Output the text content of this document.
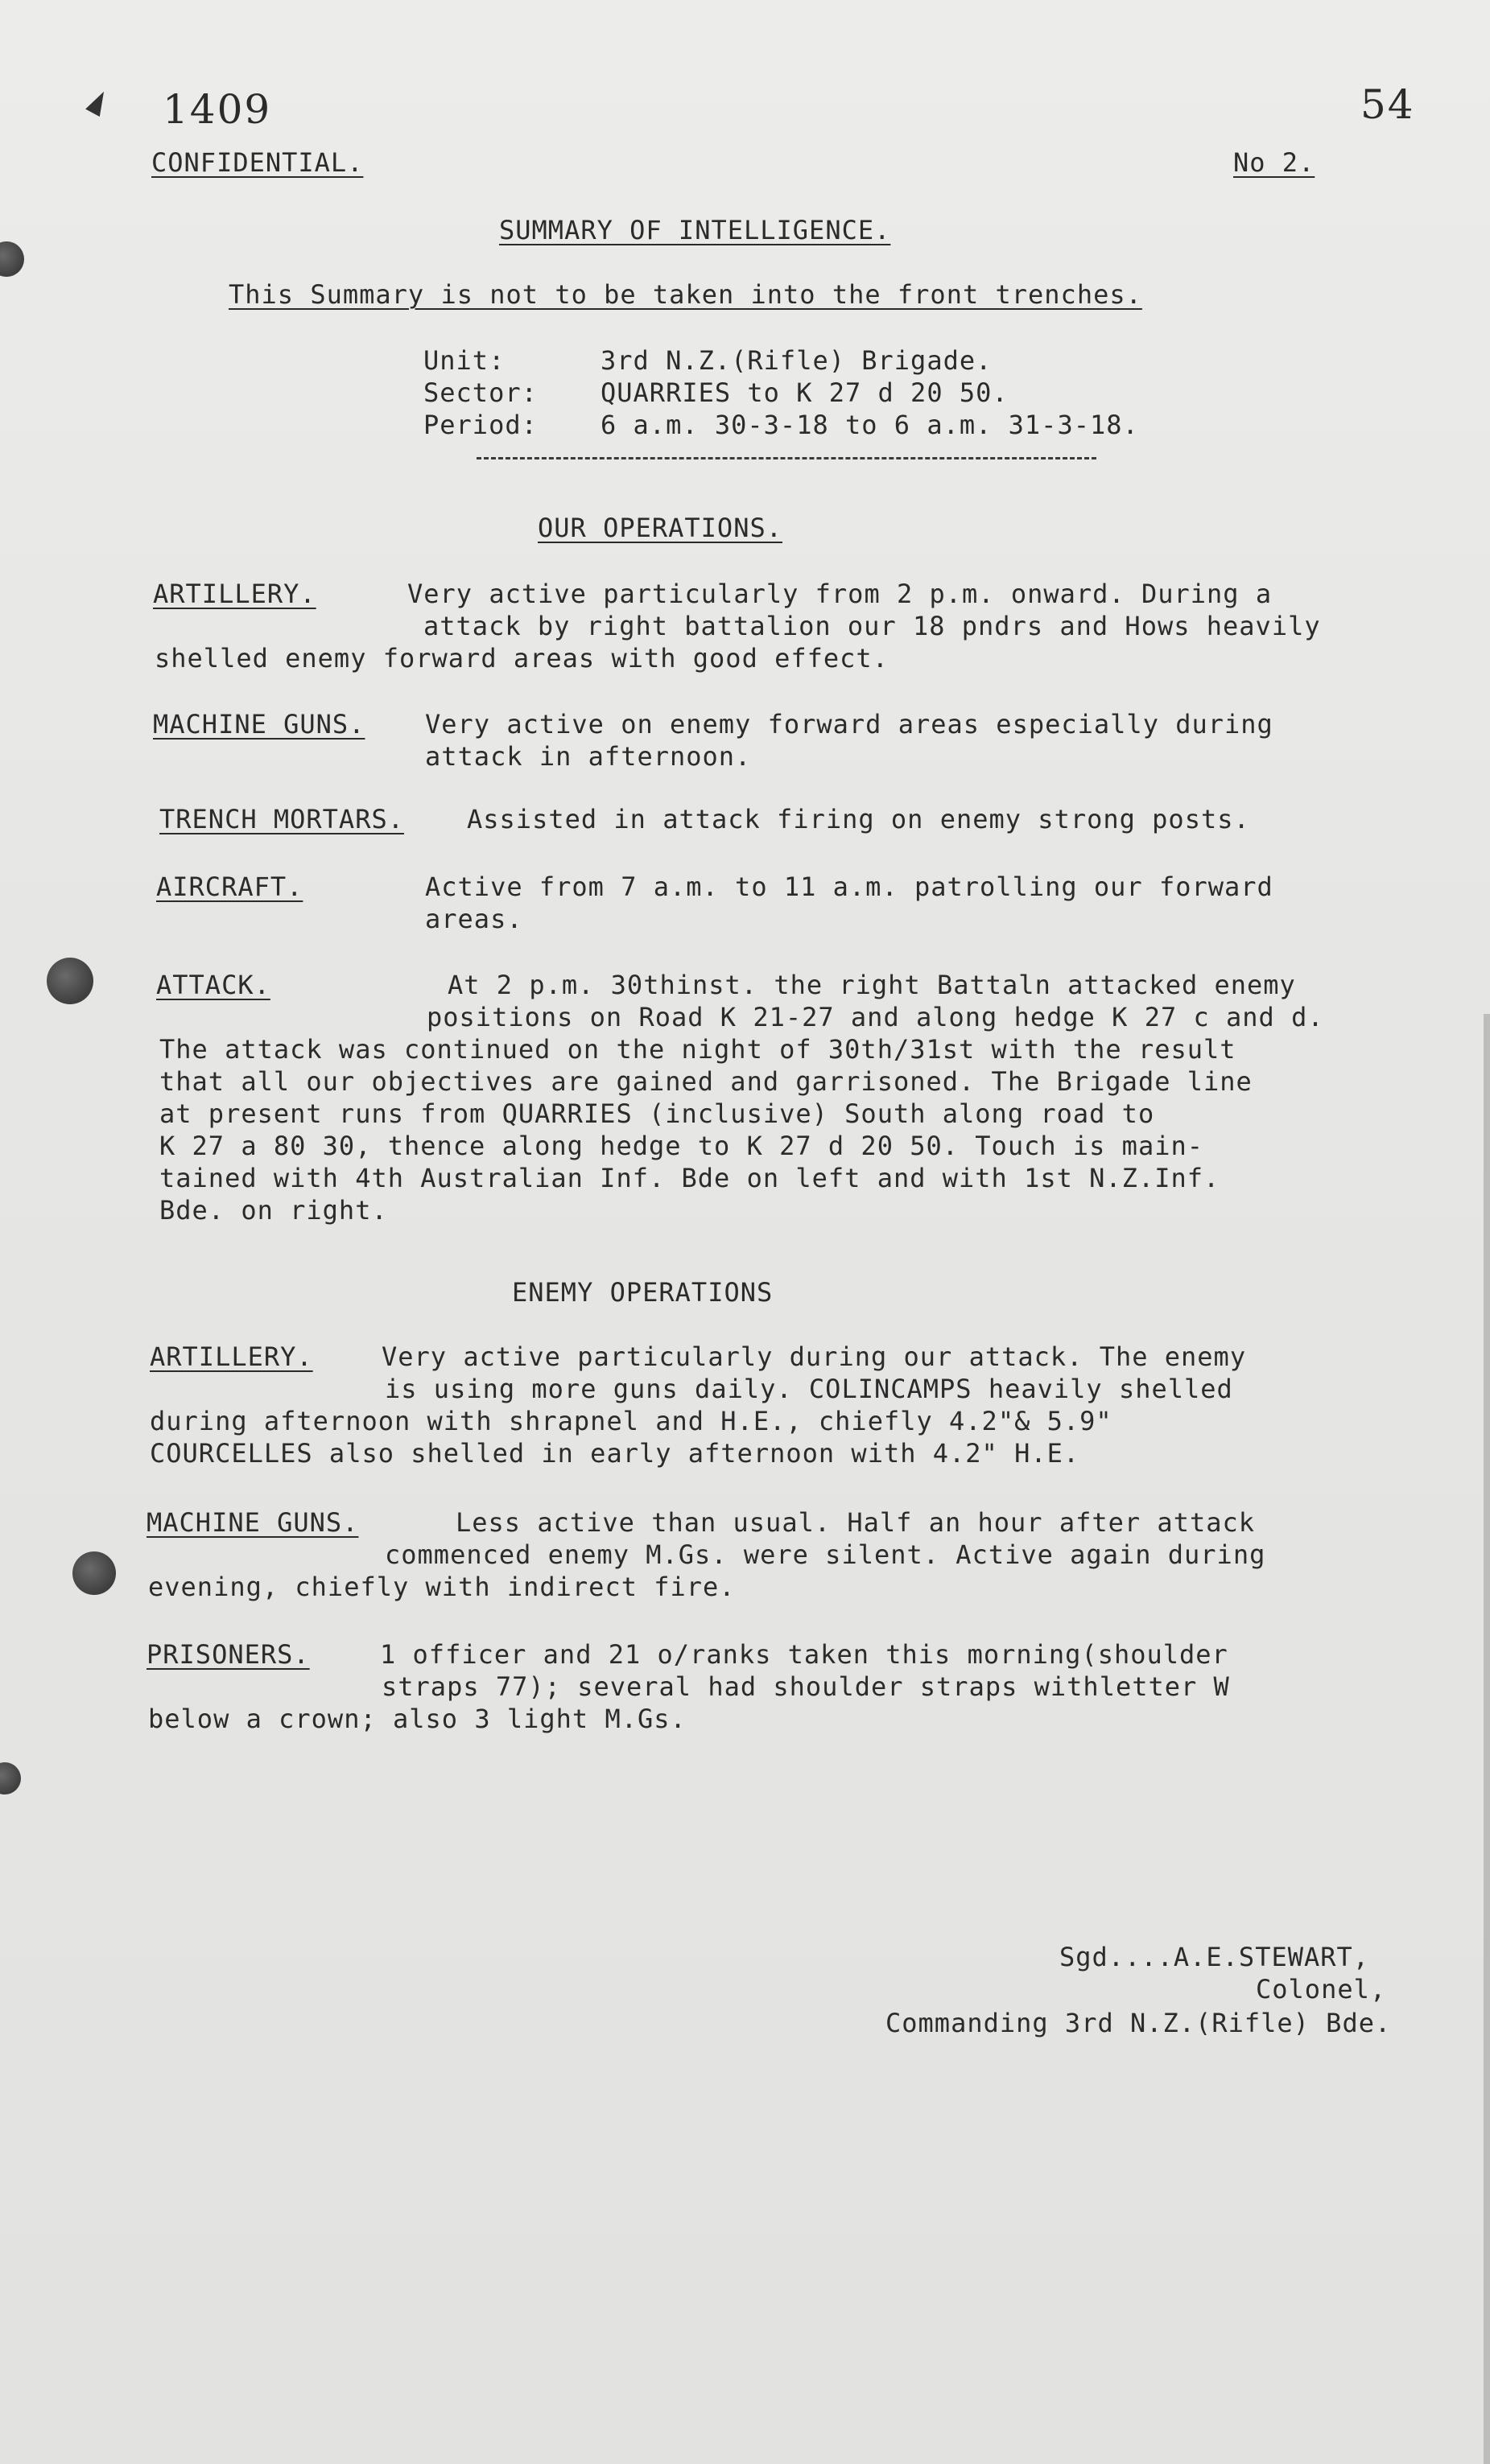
1409	54
CONFIDENTIAL.	No 2.
SUMMARY OF INTELLIGENCE.
This Summary is not to be taken into the front trenches.
Unit:	3rd N.Z.(Rifle) Brigade.
Sector: QUARRIES to K 27 d 20 50.
Period: 6 a.m. 30-3-18 to 6 a.m. 31-3-18.
OUR OPERATIONS.
ARTILLERY.	Very active particularly from 2 p.m. onward. During a
attack by right battalion our 18 pndrs and Hows heavily
shelled enemy forward areas with good effect.
MACHINE GUNS. Very active on enemy forward areas especially during
attack in afternoon.
TRENCH MORTARS. Assisted in attack firing on enemy strong posts.
AIRCRAFT.	Active from 7 a.m. to 11 a.m. patrolling our forward
areas.
ATTACK.	At 2 p.m. 30thinst. the right Battaln attacked enemy
positions on Road K 21-27 and along hedge K 27 c and d.
The attack was continued on the night of 30th/31st with the result
that all our objectives are gained and garrisoned. The Brigade line
at present runs from QUARRIES (inclusive) South along road to
K 27 a 80 30, thence along hedge to K 27 d 20 50. Touch is main-
tained with 4th Australian Inf. Bde on left and with 1st N.Z.Inf.
Bde. on right.
ENEMY OPERATIONS
ARTILLERY.	Very active particularly during our attack. The enemy
is using more guns daily. COLINCAMPS heavily shelled
during afternoon with shrapnel and H.E., chiefly 4.2"& 5.9"
COURCELLES also shelled in early afternoon with 4.2" H.E.
MACHINE GUNS.	Less active than usual. Half an hour after attack
commenced enemy M.Gs. were silent. Active again during
evening, chiefly with indirect fire.
PRISONERS.	1 officer and 21 o/ranks taken this morning(shoulder
straps 77); several had shoulder straps withletter W
below a crown; also 3 light M.Gs.
Sgd....A.E.STEWART,
Colonel,
Commanding 3rd N.Z.(Rifle) Bde.
